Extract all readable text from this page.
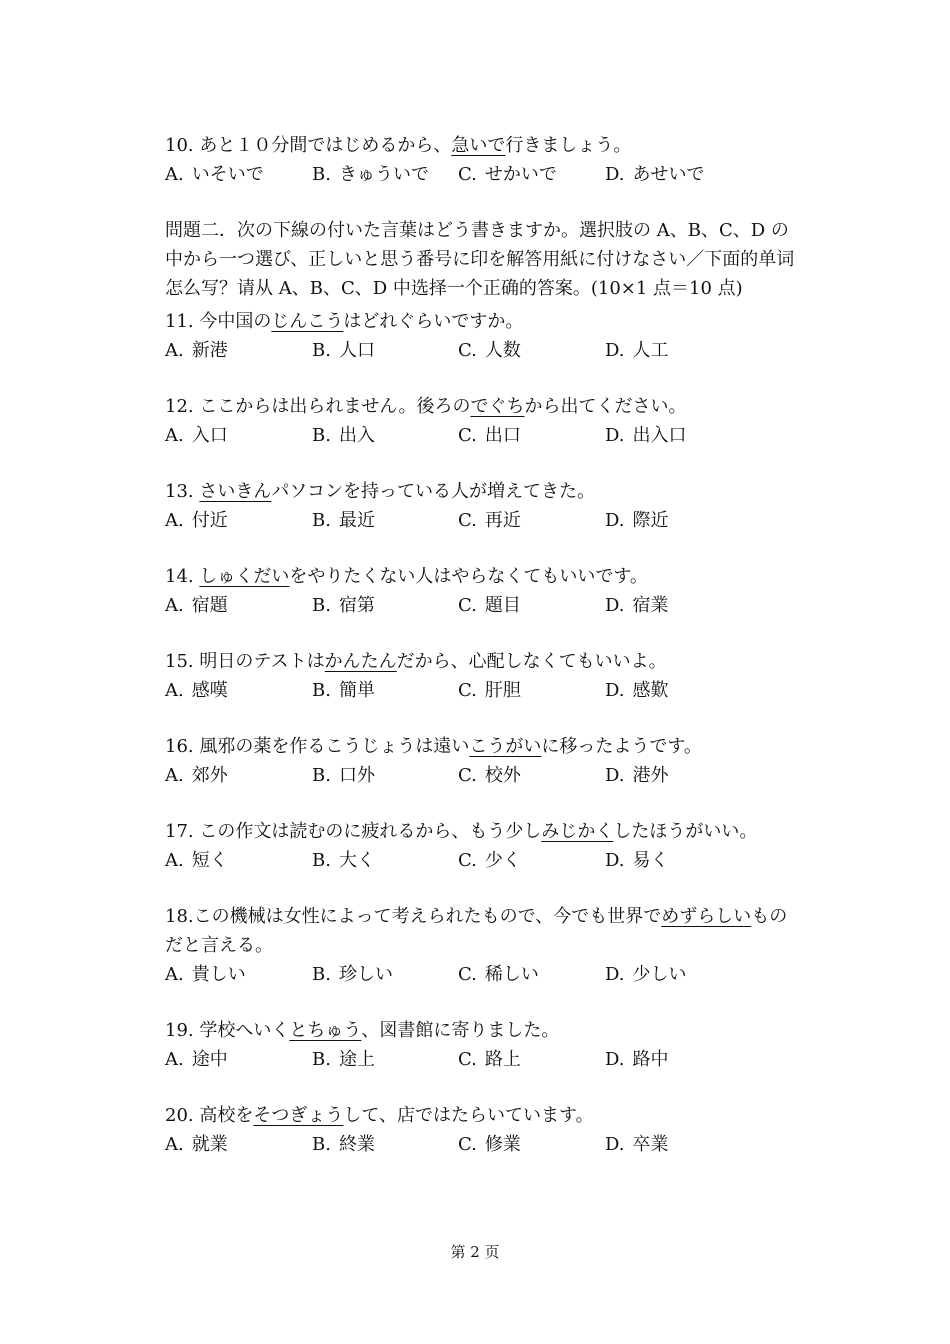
10. あと１０分間ではじめるから、急いで行きましょう。
A. いそいで	B. きゅういで	C. せかいで	D. あせいで
問題二．次の下線の付いた言葉はどう書きますか。選択肢の A、B、C、D の中から一つ選び、正しいと思う番号に印を解答用紙に付けなさい／下面的单词怎么写？请从 A、B、C、D 中选择一个正确的答案。(10×1 点＝10 点)
11. 今中国のじんこうはどれぐらいですか。
A. 新港	B. 人口	C. 人数	D. 人工
12. ここからは出られません。後ろのでぐちから出てください。
A. 入口	B. 出入	C. 出口	D. 出入口
13. さいきんパソコンを持っている人が増えてきた。
A. 付近	B. 最近	C. 再近	D. 際近
14. しゅくだいをやりたくない人はやらなくてもいいです。
A. 宿題	B. 宿第	C. 題目	D. 宿業
15. 明日のテストはかんたんだから、心配しなくてもいいよ。
A. 感嘆	B. 簡単	C. 肝胆	D. 感歎
16. 風邪の薬を作るこうじょうは遠いこうがいに移ったようです。
A. 郊外	B. 口外	C. 校外	D. 港外
17. この作文は読むのに疲れるから、もう少しみじかくしたほうがいい。
A. 短く	B. 大く	C. 少く	D. 易く
18.この機械は女性によって考えられたもので、今でも世界でめずらしいものだと言える。
A. 貴しい	B. 珍しい	C. 稀しい	D. 少しい
19. 学校へいくとちゅう、図書館に寄りました。
A. 途中	B. 途上	C. 路上	D. 路中
20. 高校をそつぎょうして、店ではたらいています。
A. 就業	B. 終業	C. 修業	D. 卒業
第 2 页
